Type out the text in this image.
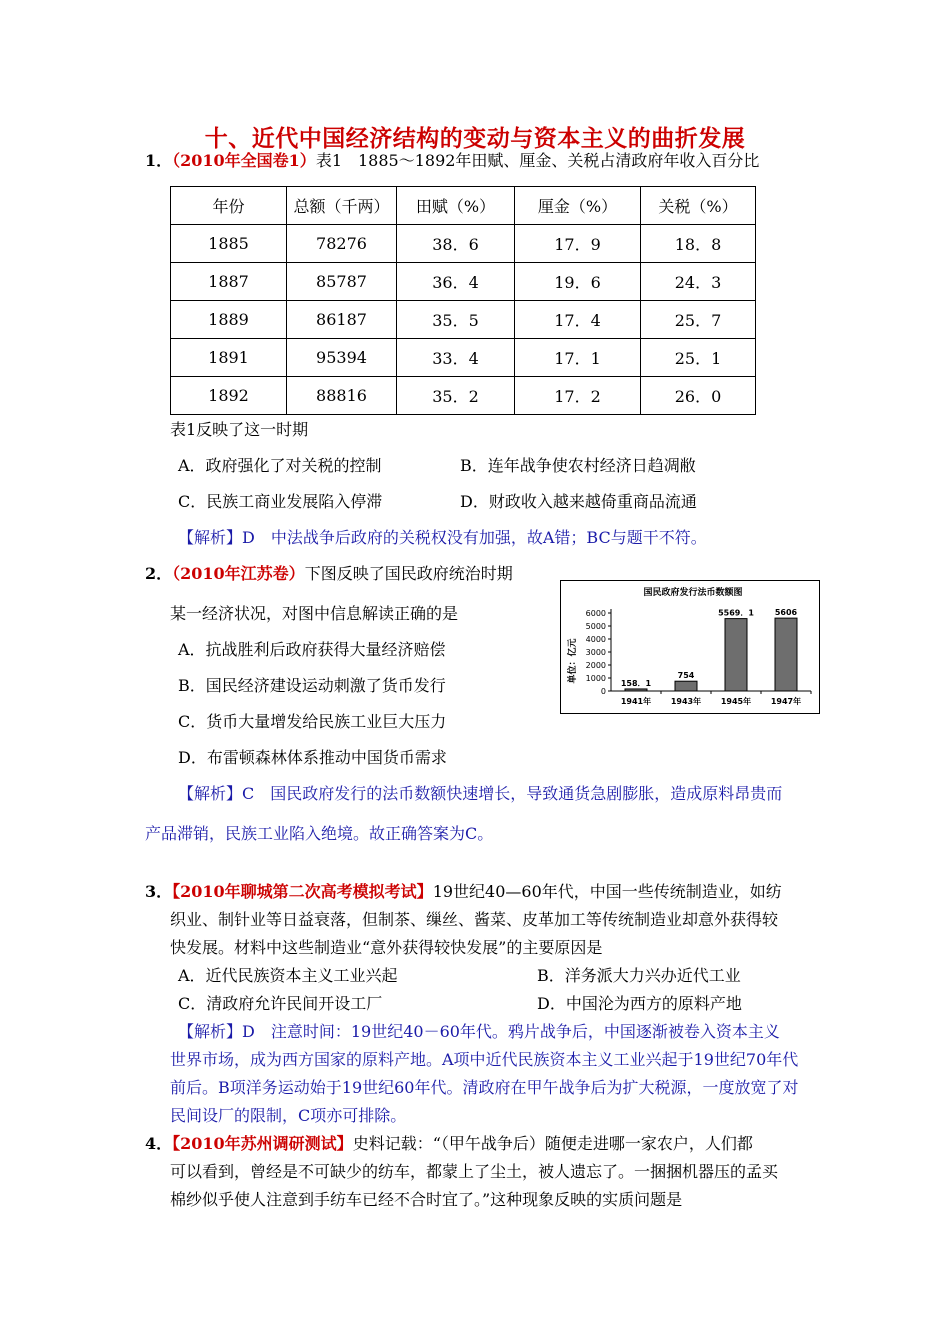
十、近代中国经济结构的变动与资本主义的曲折发展
1．（2010年全国卷1）表1　1885～1892年田赋、厘金、关税占清政府年收入百分比
年份	总额（千两）	田赋（%）	厘金（%）	关税（%）
1885	78276	38．6	17．9	18．8
1887	85787	36．4	19．6	24．3
1889	86187	35．5	17．4	25．7
1891	95394	33．4	17．1	25．1
1892	88816	35．2	17．2	26．0
表1反映了这一时期
A．政府强化了对关税的控制	B．连年战争使农村经济日趋凋敝
C．民族工商业发展陷入停滞	D．财政收入越来越倚重商品流通
【解析】D　中法战争后政府的关税权没有加强，故A错；BC与题干不符。
2．（2010年江苏卷）下图反映了国民政府统治时期
某一经济状况，对图中信息解读正确的是
A．抗战胜利后政府获得大量经济赔偿
B．国民经济建设运动刺激了货币发行
C．货币大量增发给民族工业巨大压力
D．布雷顿森林体系推动中国货币需求
国民政府发行法币数额图
单位：亿元
0
1000
2000
3000
4000
5000
6000
1941年 1943年 1945年 1947年
158．1
754
5569．1	5606
【解析】C　国民政府发行的法币数额快速增长，导致通货急剧膨胀，造成原料昂贵而
产品滞销，民族工业陷入绝境。故正确答案为C。
3．【2010年聊城第二次高考模拟考试】19世纪40—60年代，中国一些传统制造业，如纺
织业、制针业等日益衰落，但制茶、缫丝、酱菜、皮革加工等传统制造业却意外获得较
快发展。材料中这些制造业“意外获得较快发展”的主要原因是
A．近代民族资本主义工业兴起	B．洋务派大力兴办近代工业
C．清政府允许民间开设工厂	D．中国沦为西方的原料产地
【解析】D　注意时间：19世纪40－60年代。鸦片战争后，中国逐渐被卷入资本主义
世界市场，成为西方国家的原料产地。A项中近代民族资本主义工业兴起于19世纪70年代
前后。B项洋务运动始于19世纪60年代。清政府在甲午战争后为扩大税源，一度放宽了对
民间设厂的限制，C项亦可排除。
4．【2010年苏州调研测试】史料记载：“（甲午战争后）随便走进哪一家农户，人们都
可以看到，曾经是不可缺少的纺车，都蒙上了尘土，被人遗忘了。一捆捆机器压的孟买
棉纱似乎使人注意到手纺车已经不合时宜了。”这种现象反映的实质问题是
